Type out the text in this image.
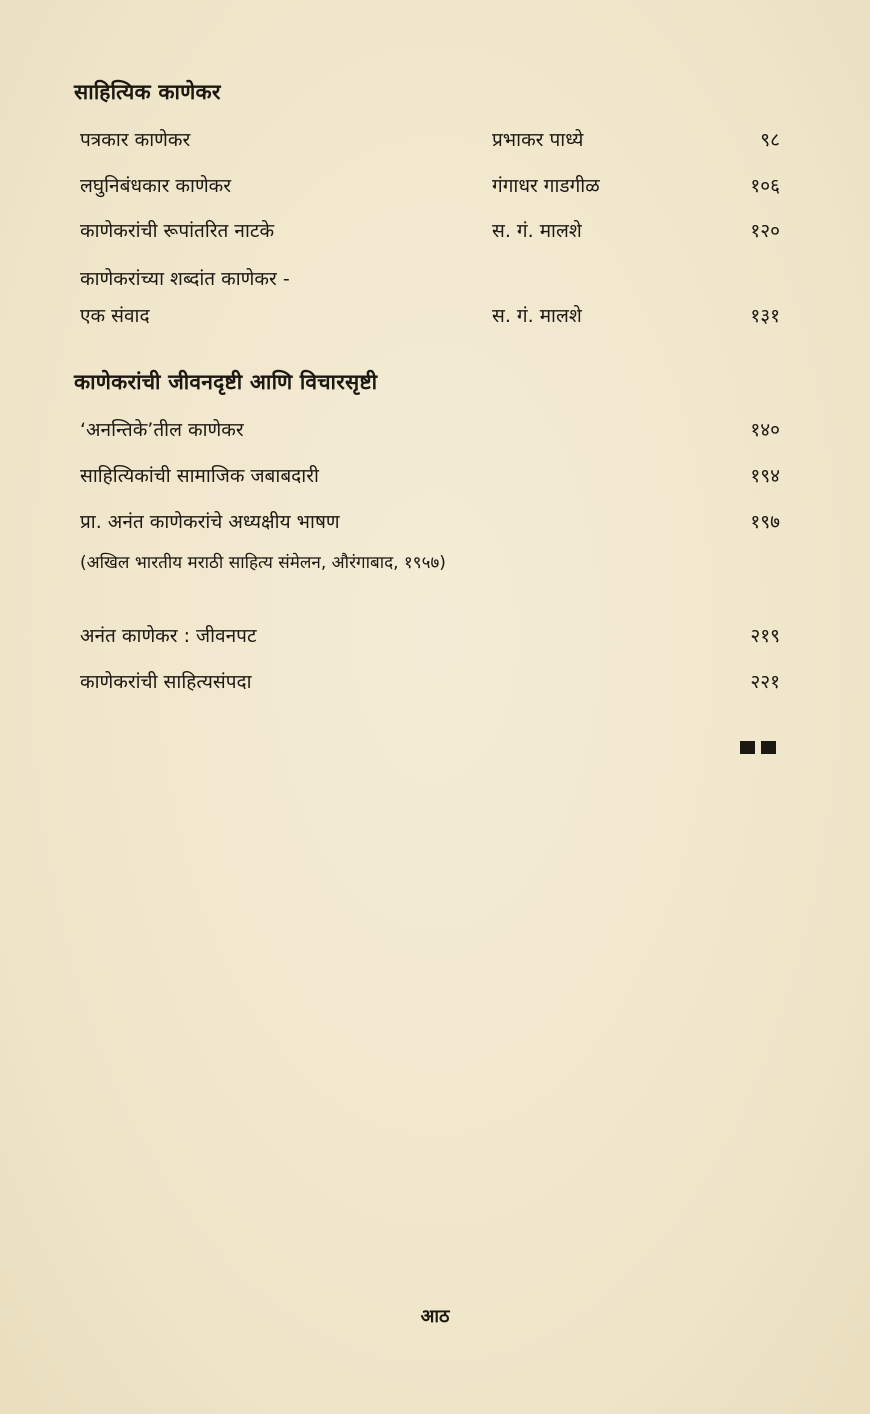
साहित्यिक काणेकर
पत्रकार काणेकर	प्रभाकर पाध्ये	९८
लघुनिबंधकार काणेकर	गंगाधर गाडगीळ	१०६
काणेकरांची रूपांतरित नाटके	स. गं. मालशे	१२०
काणेकरांच्या शब्दांत काणेकर -
एक संवाद	स. गं. मालशे	१३१
काणेकरांची जीवनदृष्टी आणि विचारसृष्टी
‘अनन्तिके’तील काणेकर	१४०
साहित्यिकांची सामाजिक जबाबदारी	१९४
प्रा. अनंत काणेकरांचे अध्यक्षीय भाषण	१९७
(अखिल भारतीय मराठी साहित्य संमेलन, औरंगाबाद, १९५७)
अनंत काणेकर : जीवनपट	२१९
काणेकरांची साहित्यसंपदा	२२१
आठ
